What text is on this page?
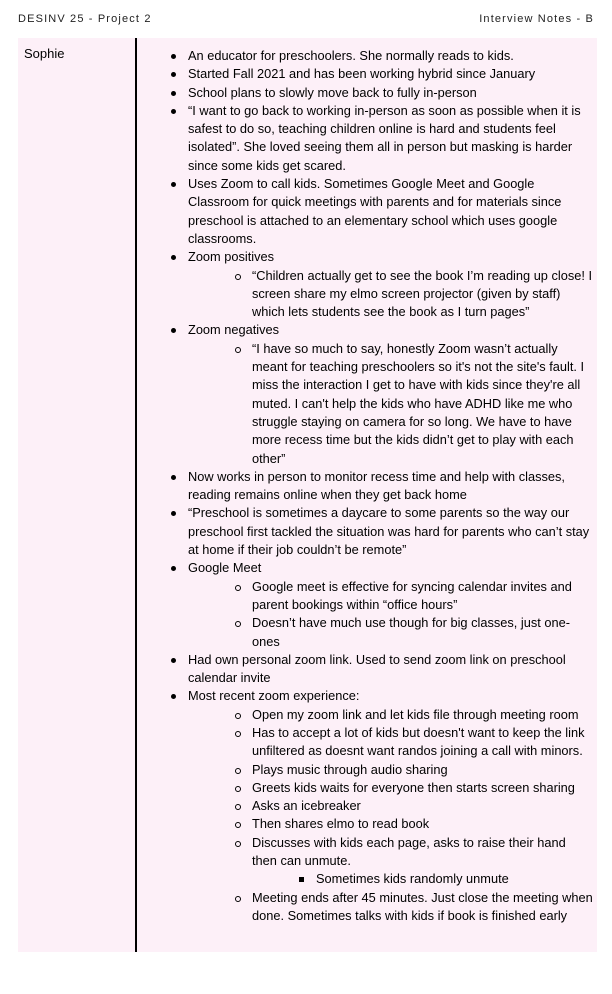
DESINV 25 - Project 2	Interview Notes - B
Sophie	An educator for preschoolers. She normally reads to kids.
Started Fall 2021 and has been working hybrid since January
School plans to slowly move back to fully in-person
“I want to go back to working in-person as soon as possible when it is safest to do so, teaching children online is hard and students feel isolated”. She loved seeing them all in person but masking is harder since some kids get scared.
Uses Zoom to call kids. Sometimes Google Meet and Google Classroom for quick meetings with parents and for materials since preschool is attached to an elementary school which uses google classrooms.
Zoom positives
“Children actually get to see the book I’m reading up close! I screen share my elmo screen projector (given by staff) which lets students see the book as I turn pages”
Zoom negatives
“I have so much to say, honestly Zoom wasn’t actually meant for teaching preschoolers so it's not the site's fault. I miss the interaction I get to have with kids since they're all muted. I can't help the kids who have ADHD like me who struggle staying on camera for so long. We have to have more recess time but the kids didn’t get to play with each other”
Now works in person to monitor recess time and help with classes, reading remains online when they get back home
“Preschool is sometimes a daycare to some parents so the way our preschool first tackled the situation was hard for parents who can’t stay at home if their job couldn’t be remote”
Google Meet
Google meet is effective for syncing calendar invites and parent bookings within “office hours”
Doesn’t have much use though for big classes, just one-ones
Had own personal zoom link. Used to send zoom link on preschool calendar invite
Most recent zoom experience:
Open my zoom link and let kids file through meeting room
Has to accept a lot of kids but doesn't want to keep the link unfiltered as doesnt want randos joining a call with minors.
Plays music through audio sharing
Greets kids waits for everyone then starts screen sharing
Asks an icebreaker
Then shares elmo to read book
Discusses with kids each page, asks to raise their hand then can unmute.
Sometimes kids randomly unmute
Meeting ends after 45 minutes. Just close the meeting when done. Sometimes talks with kids if book is finished early
